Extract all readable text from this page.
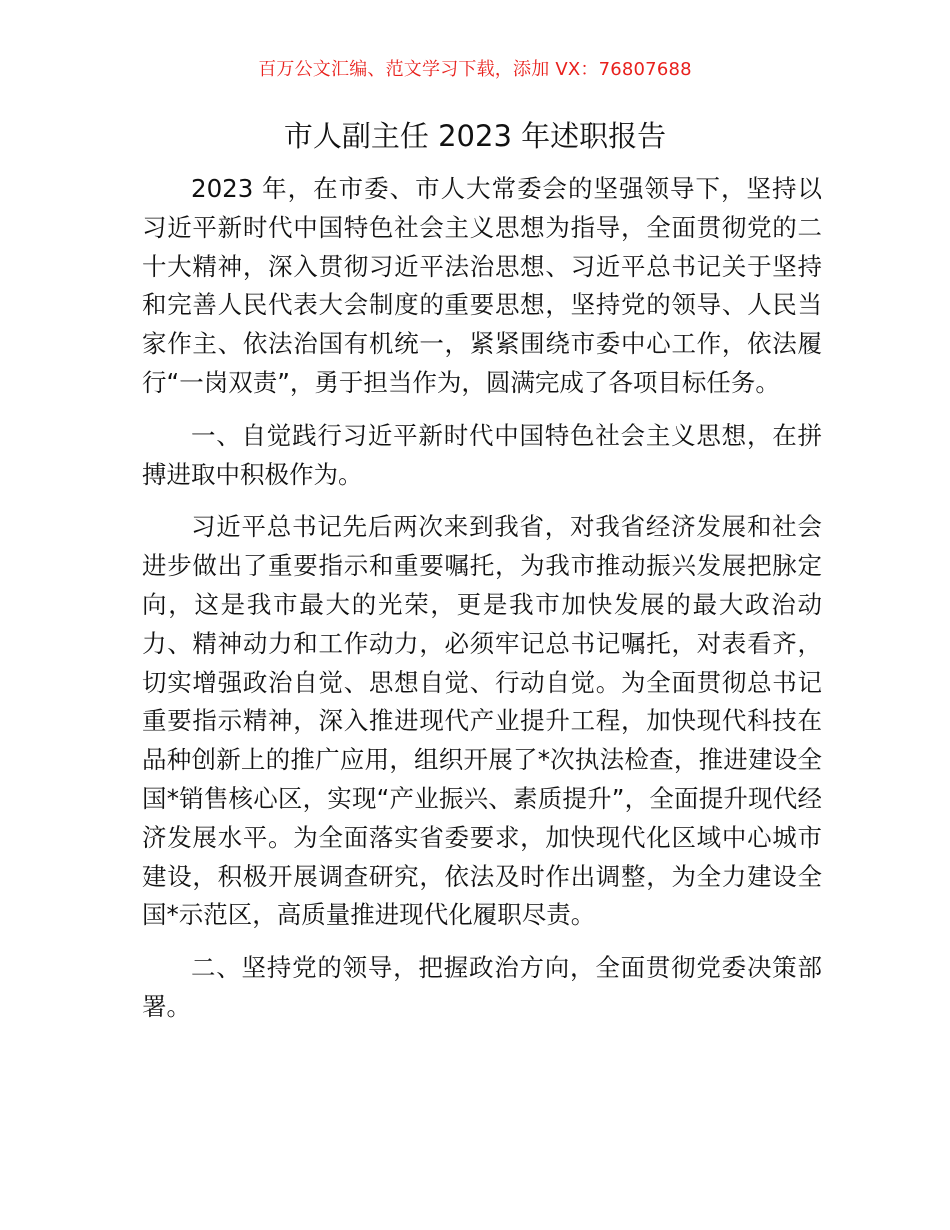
百万公文汇编、范文学习下载，添加 VX：76807688
市人副主任 2023 年述职报告

2023 年，在市委、市人大常委会的坚强领导下，坚持以习近平新时代中国特色社会主义思想为指导，全面贯彻党的二十大精神，深入贯彻习近平法治思想、习近平总书记关于坚持和完善人民代表大会制度的重要思想，坚持党的领导、人民当家作主、依法治国有机统一，紧紧围绕市委中心工作，依法履行“一岗双责”，勇于担当作为，圆满完成了各项目标任务。

一、自觉践行习近平新时代中国特色社会主义思想，在拼搏进取中积极作为。

习近平总书记先后两次来到我省，对我省经济发展和社会进步做出了重要指示和重要嘱托，为我市推动振兴发展把脉定向，这是我市最大的光荣，更是我市加快发展的最大政治动力、精神动力和工作动力，必须牢记总书记嘱托，对表看齐，切实增强政治自觉、思想自觉、行动自觉。为全面贯彻总书记重要指示精神，深入推进现代产业提升工程，加快现代科技在品种创新上的推广应用，组织开展了*次执法检查，推进建设全国*销售核心区，实现“产业振兴、素质提升”，全面提升现代经济发展水平。为全面落实省委要求，加快现代化区域中心城市建设，积极开展调查研究，依法及时作出调整，为全力建设全国*示范区，高质量推进现代化履职尽责。

二、坚持党的领导，把握政治方向，全面贯彻党委决策部署。
